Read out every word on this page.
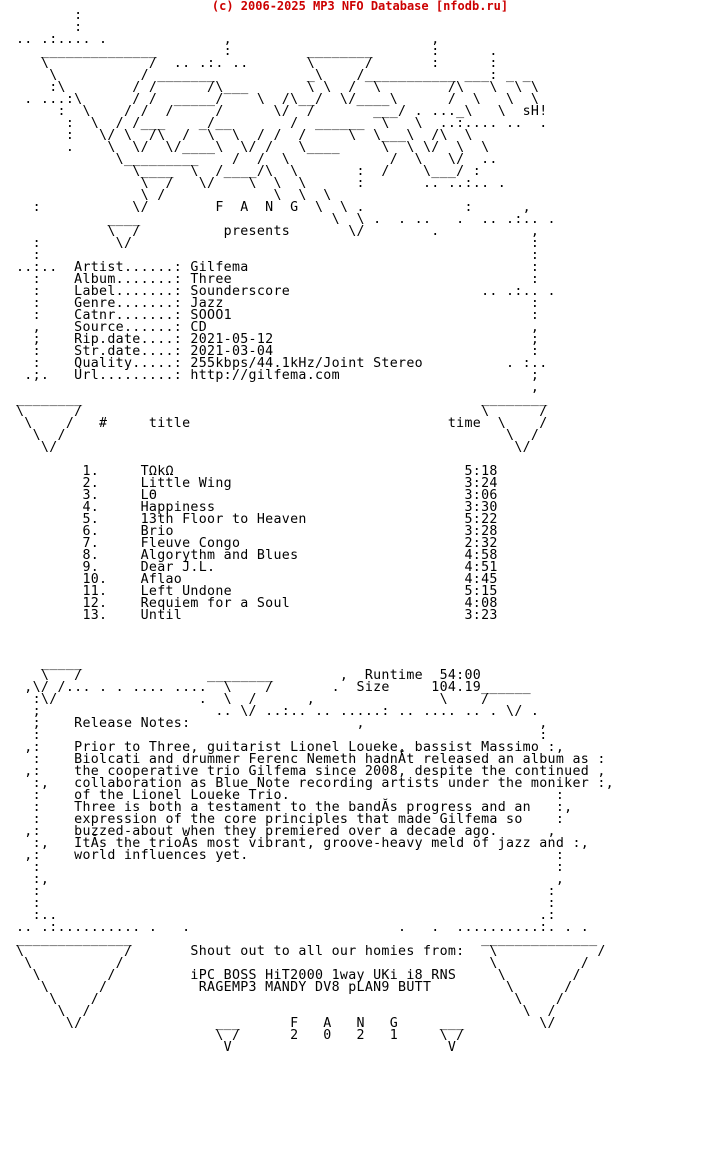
(c) 2006-2025 MP3 NFO Database [nfodb.ru]
:
:
.. .:.... .              ,                        ,
______________        :         ________       :      .
\            /  .. .:. ..       \      /       :      :
\          / _______           _\    /___________ ___: _ _
:\        / /      /\___       \ \  /  \        /\   \  \ \
. ...:\      / /  _____/    \  /\__/  \/____\      /  \   \  \
:  \    / /  /     /      \/  /       ___/ . ..._\   \  sH!
:  \  / /___    _/__       /  ______  \   \  ..:.... ..  .
:   \/ \  /\  /  \  \  / /  /     \  \___\  /\  \
.    \  \/  \/____\  \/ /   \____     \  \ \/  \  \
\_________    /  /  \            /  \   \/  ..
\____  \  /____/\  \       :  /    \___/ :
\  /   \/    \  \  \      :       .. ..:.. .
\ /             \  \  \
:           \/        F  A  N  G  \  \ .            :      ,
____                       \  \ .  . ..   .  .. .:.. .
\  /          presents       \/        .           ,
:         \/                                                :
:                                                           :
..:..  Artist......: Gilfema                                  :
:    Album.......: Three                                    :
:    Label.......: Sounderscore                       .. .:.. .
:    Genre.......: Jazz                                     :
:    Catnr.......: SOOO1                                    :
,    Source......: CD                                       ,
;    Rip.date....: 2021-05-12                               ;
:    Str.date....: 2021-03-04                               :
:    Quality.....: 255kbps/44.1kHz/Joint Stereo          . :..
.;.   Url.........: http://gilfema.com                       ;
,
________                                                ________
\      /                                                \      /
\    /   #     title                               time  \    /
\  /                                                     \  /
\/                                                       \/

1.     TΩkΩ                                   5:18
2.     Little Wing                            3:24
3.     LΘ                                     3:06
4.     Happiness                              3:30
5.     13th Floor to Heaven                   5:22
6.     Brio                                   3:28
7.     Fleuve Congo                           2:32
8.     Algorythm and Blues                    4:58
9.     Dear J.L.                              4:51
10.    Aflao                                  4:45
11.    Left Undone                            5:15
12.    Requiem for a Soul                     4:08
13.    Until                                  3:23

_____
\   /               ________        ,  Runtime  54:00
,\/ /... . . .... ....  \    /       .  Size     104.19______
:\/                 .  \  /      ,               \    /
;                     .. \/ ..:.. .. .....: .. .... .. . \/ .
;    Release Notes:                    ,                     ,
:                                                            :
,:    Prior to Three, guitarist Lionel Loueke, bassist Massimo :,
:    Biolcati and drummer Ferenc Nemeth hadnĂt released an album as :
,:    the cooperative trio Gilfema since 2008, despite the continued ,
:,   collaboration as Blue Note recording artists under the moniker :,
:    of the Lionel Loueke Trio.                                :
:    Three is both a testament to the bandĂs progress and an   :,
:    expression of the core principles that made Gilfema so    :
,:    buzzed-about when they premiered over a decade ago.      ,
:,   ItĂs the trioĂs most vibrant, groove-heavy meld of jazz and :,
,:    world influences yet.                                     :
:                                                              :
:,                                                             ,
:                                                             :
:                                                             :
:..                                                          .:
.. .:.......... .   .                         .   .  ..........:. . .
______________                                          ______________
\            /       Shout out to all our homies from:   \            /
\          /                                            \          /
\        /         iPC BOSS HiT2000 1way UKi i8 RNS     \        /
\      /           RAGEMP3 MANDY DV8 pLAN9 BUTT         \      /
\    /                                                  \    /
\  /                                                    \  /
\/                ___      F   A   N   G     ___         \/
\ /      2   0   2   1     \ /
V                          V
